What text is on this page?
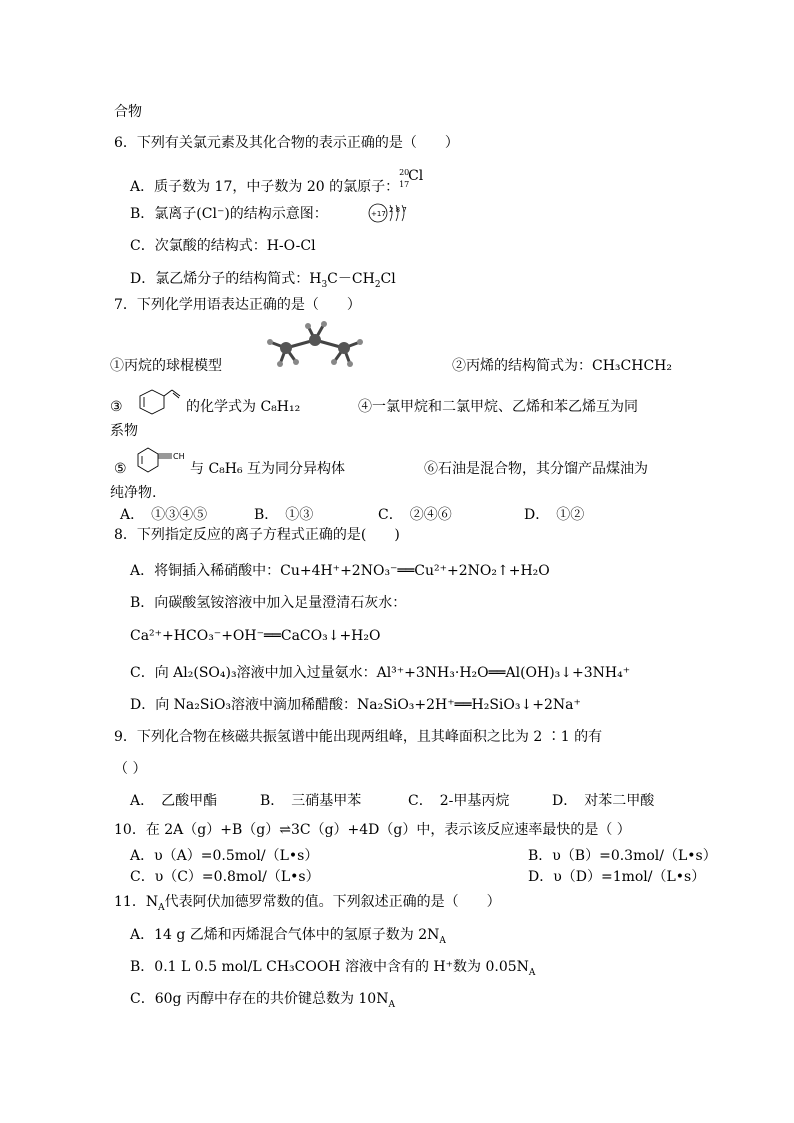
合物
6．下列有关氯元素及其化合物的表示正确的是（　　）
A．质子数为 17，中子数为 20 的氯原子：
20
17
Cl
B．氯离子(Cl⁻)的结构示意图：	+17 2 8 7
C．次氯酸的结构式：H-O-Cl
D．氯乙烯分子的结构简式：$H_3C-CH_2Cl$
7．下列化学用语表达正确的是（　　）
①丙烷的球棍模型	②丙烯的结构简式为：CH₃CHCH₂
③	的化学式为 C₈H₁₂	④一氯甲烷和二氯甲烷、乙烯和苯乙烯互为同
系物
⑤
CH
与 C₈H₆ 互为同分异构体	⑥石油是混合物，其分馏产品煤油为
纯净物.
A．　①③④⑤	B．　①③	C．　②④⑥	D．　①②
8．下列指定反应的离子方程式正确的是(　　)
A．将铜插入稀硝酸中：Cu+4H⁺+2NO₃⁻══Cu²⁺+2NO₂↑+H₂O
B．向碳酸氢铵溶液中加入足量澄清石灰水：
Ca²⁺+HCO₃⁻+OH⁻══CaCO₃↓+H₂O
C．向 Al₂(SO₄)₃溶液中加入过量氨水：Al³⁺+3NH₃·H₂O══Al(OH)₃↓+3NH₄⁺
D．向 Na₂SiO₃溶液中滴加稀醋酸：Na₂SiO₃+2H⁺══H₂SiO₃↓+2Na⁺
9．下列化合物在核磁共振氢谱中能出现两组峰，且其峰面积之比为 2 ∶1 的有
（ ）
A．　乙酸甲酯	B．　三硝基甲苯	C．　2-甲基丙烷	D．　对苯二甲酸
10．在 2A（g）+B（g）⇌3C（g）+4D（g）中，表示该反应速率最快的是（ ）
A．υ（A）=0.5mol/（L•s）	B．υ（B）=0.3mol/（L•s）
C．υ（C）=0.8mol/（L•s）	D．υ（D）=1mol/（L•s）
11．$N_A$代表阿伏加德罗常数的值。下列叙述正确的是（　　）
A．14 g 乙烯和丙烯混合气体中的氢原子数为 $2N_A$
B．0.1 L 0.5 mol/L CH₃COOH 溶液中含有的 H⁺数为 $0.05N_A$
C．60g 丙醇中存在的共价键总数为 $10N_A$
